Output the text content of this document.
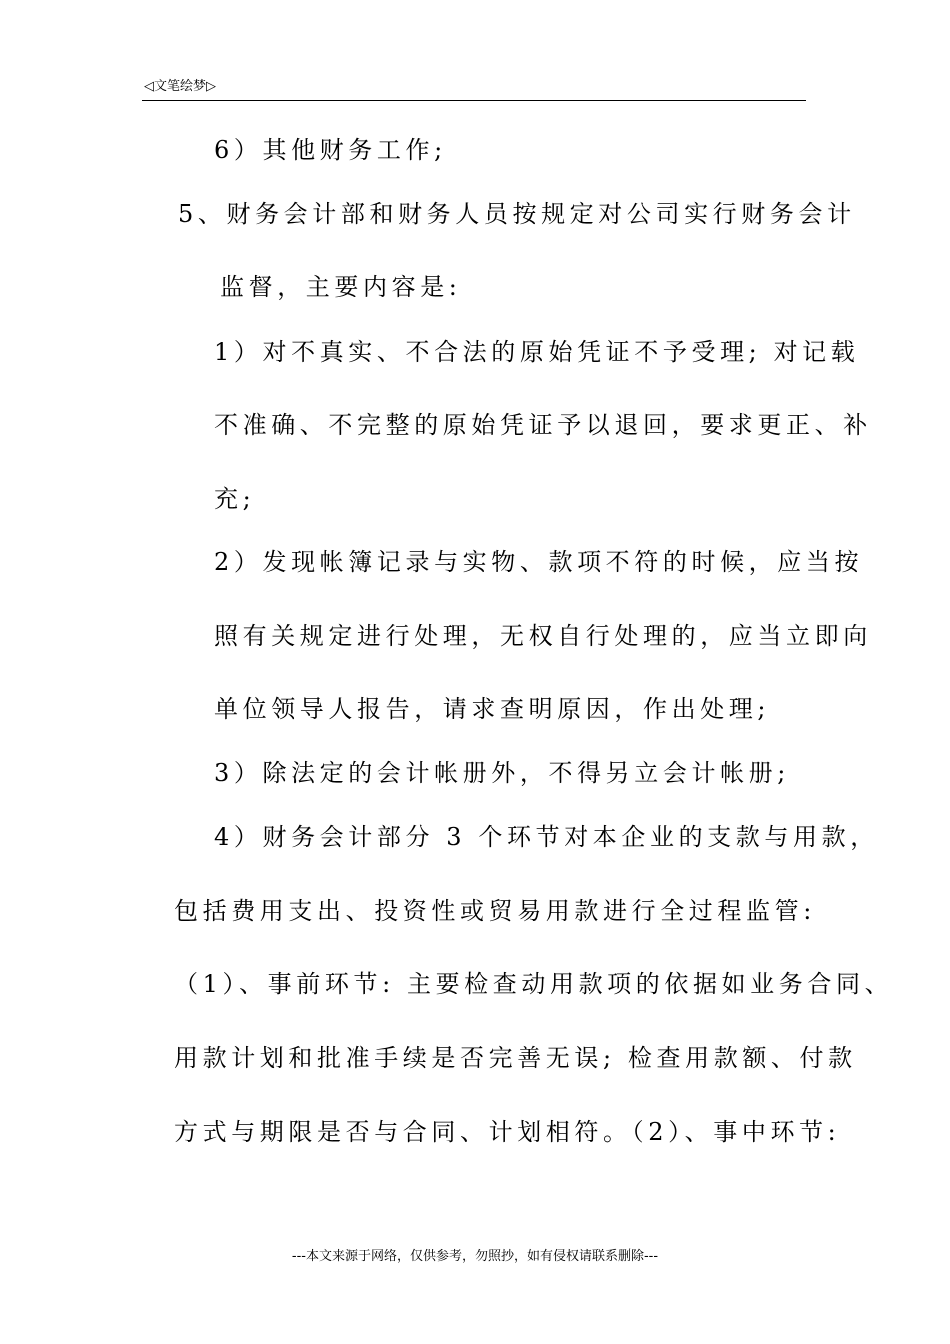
◁文笔绘梦▷
6）其他财务工作;
5、财务会计部和财务人员按规定对公司实行财务会计
监督，主要内容是:
1）对不真实、不合法的原始凭证不予受理; 对记载
不准确、不完整的原始凭证予以退回，要求更正、补
充;
2）发现帐簿记录与实物、款项不符的时候，应当按
照有关规定进行处理，无权自行处理的，应当立即向
单位领导人报告，请求查明原因，作出处理;
3）除法定的会计帐册外，不得另立会计帐册;
4）财务会计部分 3 个环节对本企业的支款与用款，
包括费用支出、投资性或贸易用款进行全过程监管:
（1）、事前环节: 主要检查动用款项的依据如业务合同、
用款计划和批准手续是否完善无误; 检查用款额、付款
方式与期限是否与合同、计划相符。（2）、事中环节:
---本文来源于网络，仅供参考，勿照抄，如有侵权请联系删除---
